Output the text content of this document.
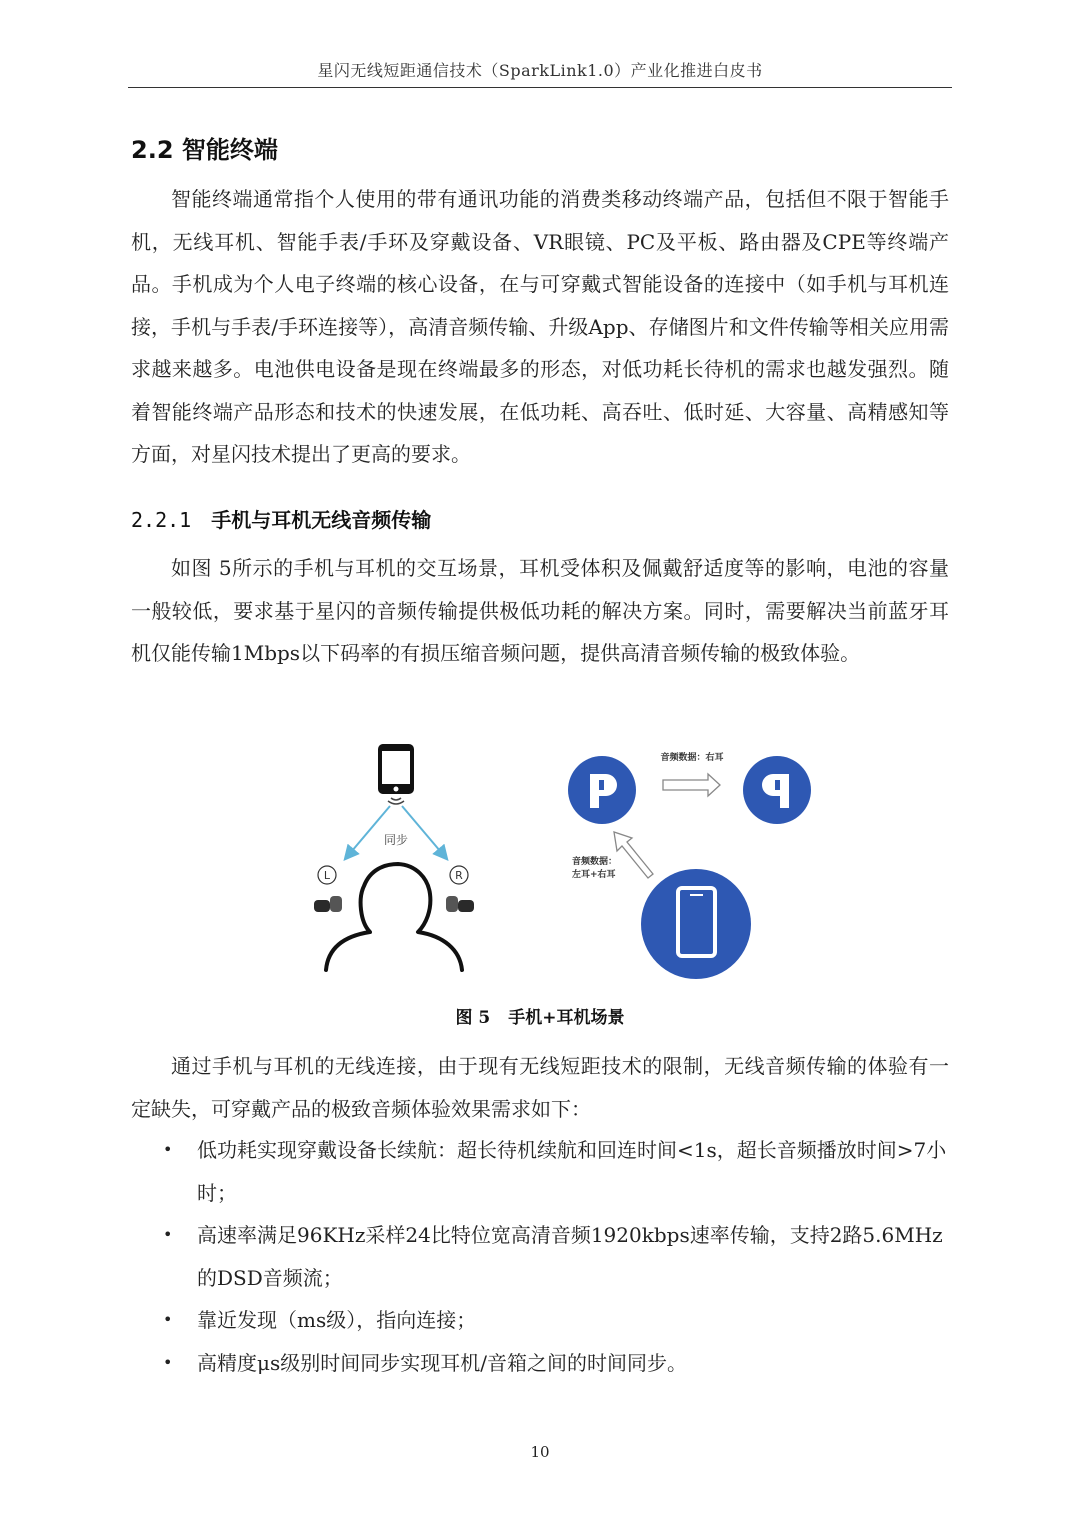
星闪无线短距通信技术（SparkLink1.0）产业化推进白皮书
2.2 智能终端

智能终端通常指个人使用的带有通讯功能的消费类移动终端产品，包括但不限于智能手机，无线耳机、智能手表/手环及穿戴设备、VR眼镜、PC及平板、路由器及CPE等终端产品。手机成为个人电子终端的核心设备，在与可穿戴式智能设备的连接中（如手机与耳机连接，手机与手表/手环连接等），高清音频传输、升级App、存储图片和文件传输等相关应用需求越来越多。电池供电设备是现在终端最多的形态，对低功耗长待机的需求也越发强烈。随着智能终端产品形态和技术的快速发展，在低功耗、高吞吐、低时延、大容量、高精感知等方面，对星闪技术提出了更高的要求。

2.2.1 手机与耳机无线音频传输

如图 5所示的手机与耳机的交互场景，耳机受体积及佩戴舒适度等的影响，电池的容量一般较低，要求基于星闪的音频传输提供极低功耗的解决方案。同时，需要解决当前蓝牙耳机仅能传输1Mbps以下码率的有损压缩音频问题，提供高清音频传输的极致体验。

同步
L	R
音频数据：右耳
音频数据：
左耳+右耳
图 5 手机+耳机场景

通过手机与耳机的无线连接，由于现有无线短距技术的限制，无线音频传输的体验有一定缺失，可穿戴产品的极致音频体验效果需求如下：

• 低功耗实现穿戴设备长续航：超长待机续航和回连时间<1s，超长音频播放时间>7小时；
• 高速率满足96KHz采样24比特位宽高清音频1920kbps速率传输，支持2路5.6MHz的DSD音频流；
• 靠近发现（ms级），指向连接；
• 高精度μs级别时间同步实现耳机/音箱之间的时间同步。
10
